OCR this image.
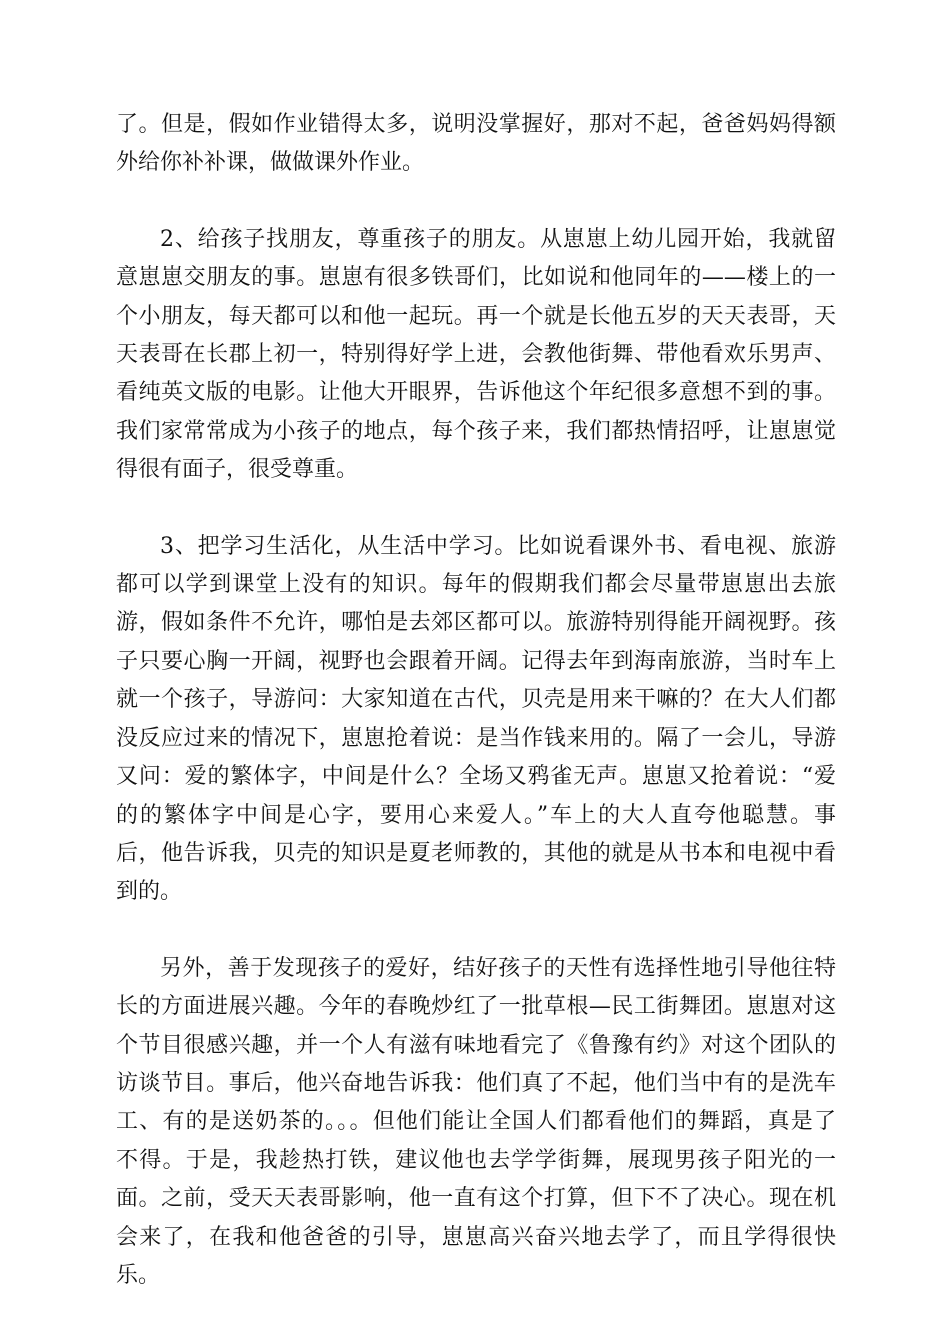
了。但是，假如作业错得太多，说明没掌握好，那对不起，爸爸妈妈得额
外给你补补课，做做课外作业。

2、给孩子找朋友，尊重孩子的朋友。从崽崽上幼儿园开始，我就留
意崽崽交朋友的事。崽崽有很多铁哥们，比如说和他同年的——楼上的一
个小朋友，每天都可以和他一起玩。再一个就是长他五岁的天天表哥，天
天表哥在长郡上初一，特别得好学上进，会教他街舞、带他看欢乐男声、
看纯英文版的电影。让他大开眼界，告诉他这个年纪很多意想不到的事。
我们家常常成为小孩子的地点，每个孩子来，我们都热情招呼，让崽崽觉
得很有面子，很受尊重。

3、把学习生活化，从生活中学习。比如说看课外书、看电视、旅游
都可以学到课堂上没有的知识。每年的假期我们都会尽量带崽崽出去旅
游，假如条件不允许，哪怕是去郊区都可以。旅游特别得能开阔视野。孩
子只要心胸一开阔，视野也会跟着开阔。记得去年到海南旅游，当时车上
就一个孩子，导游问：大家知道在古代，贝壳是用来干嘛的？在大人们都
没反应过来的情况下，崽崽抢着说：是当作钱来用的。隔了一会儿，导游
又问：爱的繁体字，中间是什么？全场又鸦雀无声。崽崽又抢着说：“爱
的的繁体字中间是心字，要用心来爱人。”车上的大人直夸他聪慧。事
后，他告诉我，贝壳的知识是夏老师教的，其他的就是从书本和电视中看
到的。

另外，善于发现孩子的爱好，结好孩子的天性有选择性地引导他往特
长的方面进展兴趣。今年的春晚炒红了一批草根—民工街舞团。崽崽对这
个节目很感兴趣，并一个人有滋有味地看完了《鲁豫有约》对这个团队的
访谈节目。事后，他兴奋地告诉我：他们真了不起，他们当中有的是洗车
工、有的是送奶茶的。。。但他们能让全国人们都看他们的舞蹈，真是了
不得。于是，我趁热打铁，建议他也去学学街舞，展现男孩子阳光的一
面。之前，受天天表哥影响，他一直有这个打算，但下不了决心。现在机
会来了，在我和他爸爸的引导，崽崽高兴奋兴地去学了，而且学得很快
乐。
